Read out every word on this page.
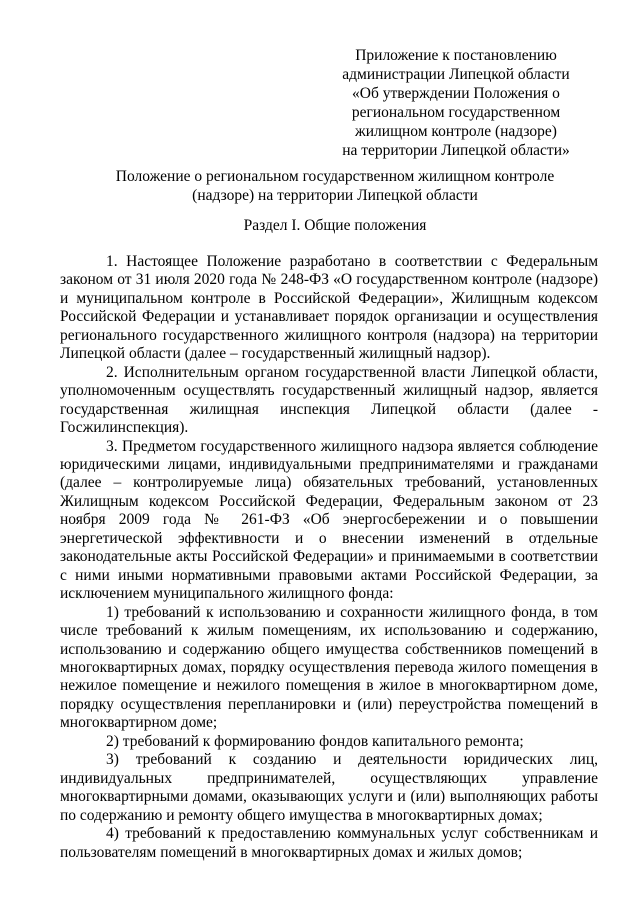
Приложение к постановлению
администрации Липецкой области
«Об утверждении Положения о
региональном государственном
жилищном контроле (надзоре)
на территории Липецкой области»
Положение о региональном государственном жилищном контроле
(надзоре) на территории Липецкой области
Раздел I. Общие положения

1. Настоящее Положение разработано в соответствии с Федеральным законом от 31 июля 2020 года № 248-ФЗ «О государственном контроле (надзоре) и муниципальном контроле в Российской Федерации», Жилищным кодексом Российской Федерации и устанавливает порядок организации и осуществления регионального государственного жилищного контроля (надзора) на территории Липецкой области (далее – государственный жилищный надзор).

2. Исполнительным органом государственной власти Липецкой области, уполномоченным осуществлять государственный жилищный надзор, является государственная жилищная инспекция Липецкой области (далее - Госжилинспекция).

3. Предметом государственного жилищного надзора является соблюдение юридическими лицами, индивидуальными предпринимателями и гражданами (далее – контролируемые лица) обязательных требований, установленных Жилищным кодексом Российской Федерации, Федеральным законом от 23 ноября 2009 года № 261-ФЗ «Об энергосбережении и о повышении энергетической эффективности и о внесении изменений в отдельные законодательные акты Российской Федерации» и принимаемыми в соответствии с ними иными нормативными правовыми актами Российской Федерации, за исключением муниципального жилищного фонда:

1) требований к использованию и сохранности жилищного фонда, в том числе требований к жилым помещениям, их использованию и содержанию, использованию и содержанию общего имущества собственников помещений в многоквартирных домах, порядку осуществления перевода жилого помещения в нежилое помещение и нежилого помещения в жилое в многоквартирном доме, порядку осуществления перепланировки и (или) переустройства помещений в многоквартирном доме;

2) требований к формированию фондов капитального ремонта;

3) требований к созданию и деятельности юридических лиц, индивидуальных предпринимателей, осуществляющих управление многоквартирными домами, оказывающих услуги и (или) выполняющих работы по содержанию и ремонту общего имущества в многоквартирных домах;

4) требований к предоставлению коммунальных услуг собственникам и пользователям помещений в многоквартирных домах и жилых домов;
